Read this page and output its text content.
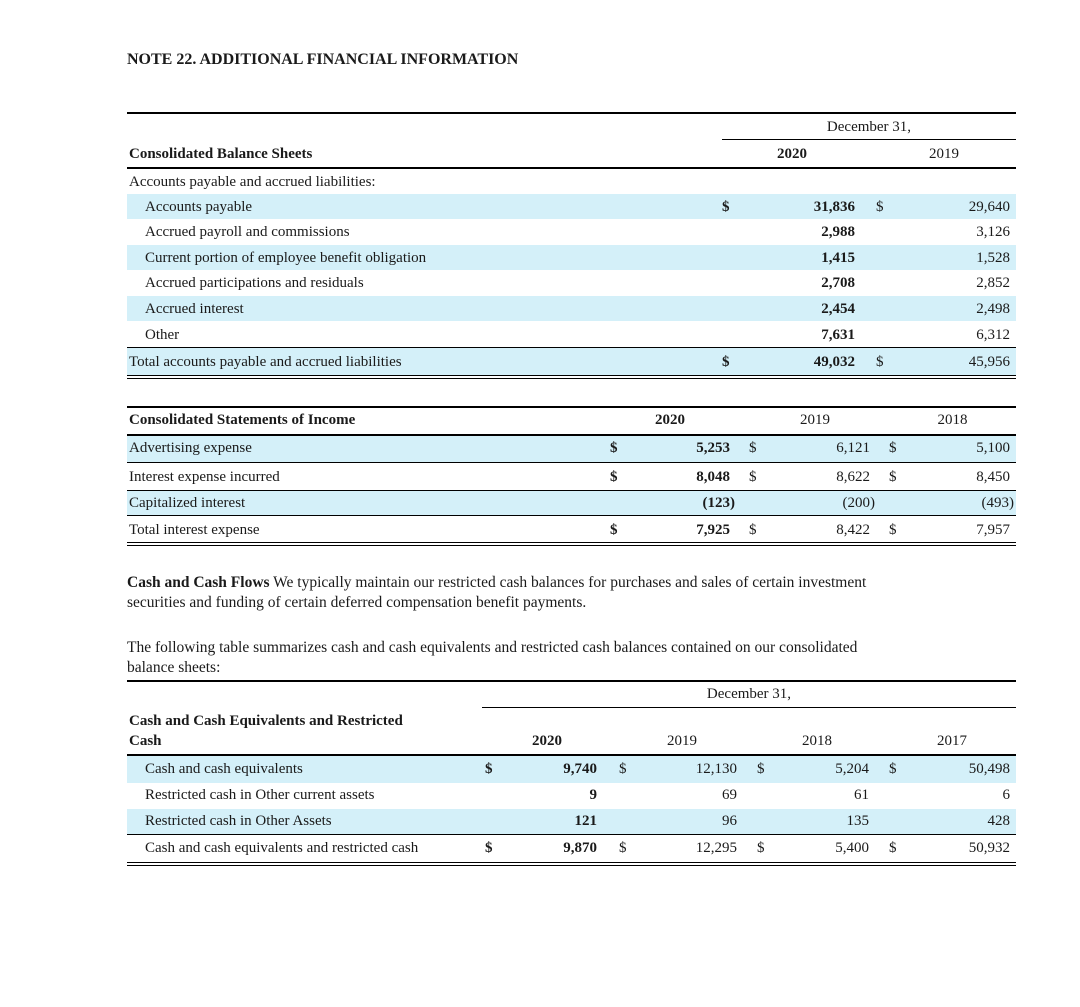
NOTE 22. ADDITIONAL FINANCIAL INFORMATION
December 31,
Consolidated Balance Sheets	2020	2019
Accounts payable and accrued liabilities:
Accounts payable	$	31,836 $	29,640
Accrued payroll and commissions	2,988	3,126
Current portion of employee benefit obligation	1,415	1,528
Accrued participations and residuals	2,708	2,852
Accrued interest	2,454	2,498
Other	7,631	6,312
Total accounts payable and accrued liabilities	$	49,032 $	45,956
Consolidated Statements of Income	2020	2019	2018
Advertising expense	$	5,253 $	6,121 $	5,100
Interest expense incurred	$	8,048 $	8,622 $	8,450
Capitalized interest	(123)	(200)	(493)
Total interest expense	$	7,925 $	8,422 $	7,957
Cash and Cash Flows We typically maintain our restricted cash balances for purchases and sales of certain investment securities and funding of certain deferred compensation benefit payments.
The following table summarizes cash and cash equivalents and restricted cash balances contained on our consolidated balance sheets:
December 31,
Cash and Cash Equivalents and Restricted
Cash	2020	2019	2018	2017
Cash and cash equivalents	$	9,740 $	12,130 $	5,204 $	50,498
Restricted cash in Other current assets	9	69	61	6
Restricted cash in Other Assets	121	96	135	428
Cash and cash equivalents and restricted cash	$	9,870 $	12,295 $	5,400 $	50,932
